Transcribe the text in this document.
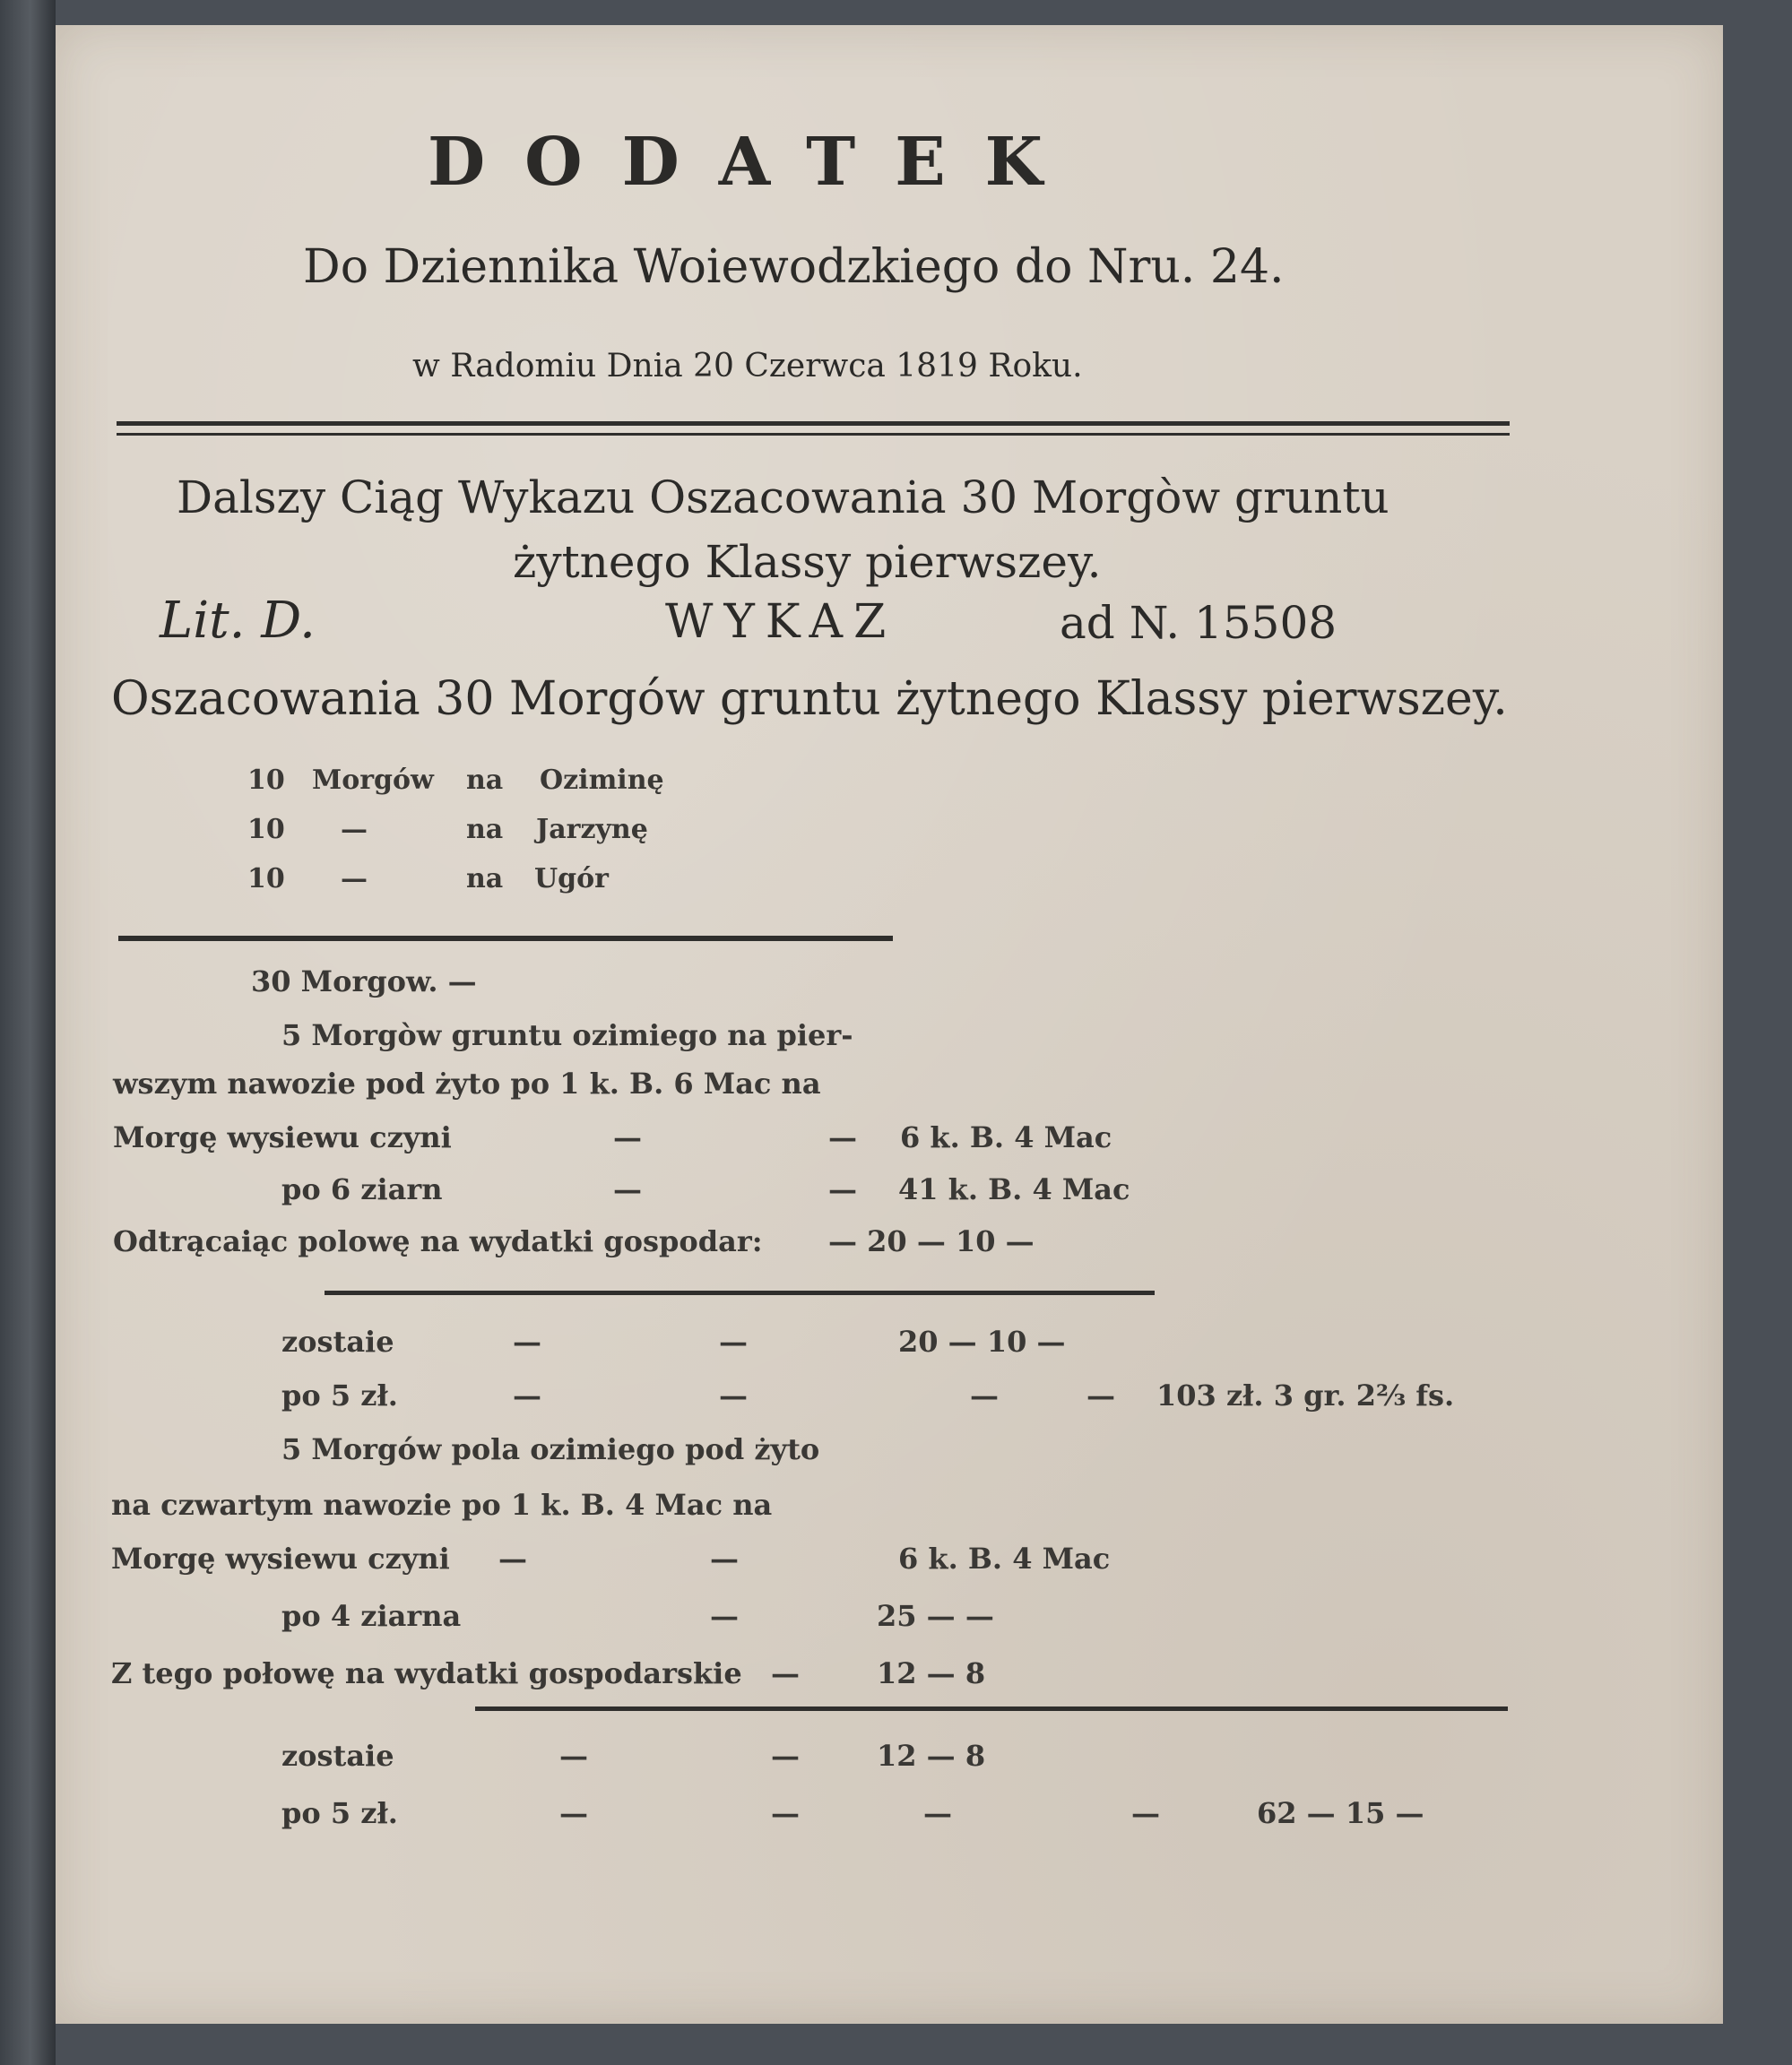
DODATEK
Do Dziennika Woiewodzkiego do Nru. 24.
w Radomiu Dnia 20 Czerwca 1819 Roku.
Dalszy Ciąg Wykazu Oszacowania 30 Morgòw gruntu
żytnego Klassy pierwszey.
Lit. D.	WYKAZ	ad N. 15508
Oszacowania 30 Morgów gruntu żytnego Klassy pierwszey.
10 Morgów na Oziminę
10 —	na Jarzynę
10 —	na Ugór
30 Morgow. —
5 Morgòw gruntu ozimiego na pier-
wszym nawozie pod żyto po 1 k. B. 6 Mac na
Morgę wysiewu czyni	—	— 6 k. B. 4 Mac
po 6 ziarn	—	— 41 k. B. 4 Mac
Odtrącaiąc polowę na wydatki gospodar: — 20 — 10 —
zostaie	—	—	20 — 10 —
po 5 zł.	—	—	—	— 103 zł. 3 gr. 2⅔ fs.
5 Morgów pola ozimiego pod żyto
na czwartym nawozie po 1 k. B. 4 Mac na
Morgę wysiewu czyni —	—	6 k. B. 4 Mac
po 4 ziarna	—	25 — —
Z tego połowę na wydatki gospodarskie —	12 — 8
zostaie	—	—	12 — 8
po 5 zł.	—	—	—	—	62 — 15 —
